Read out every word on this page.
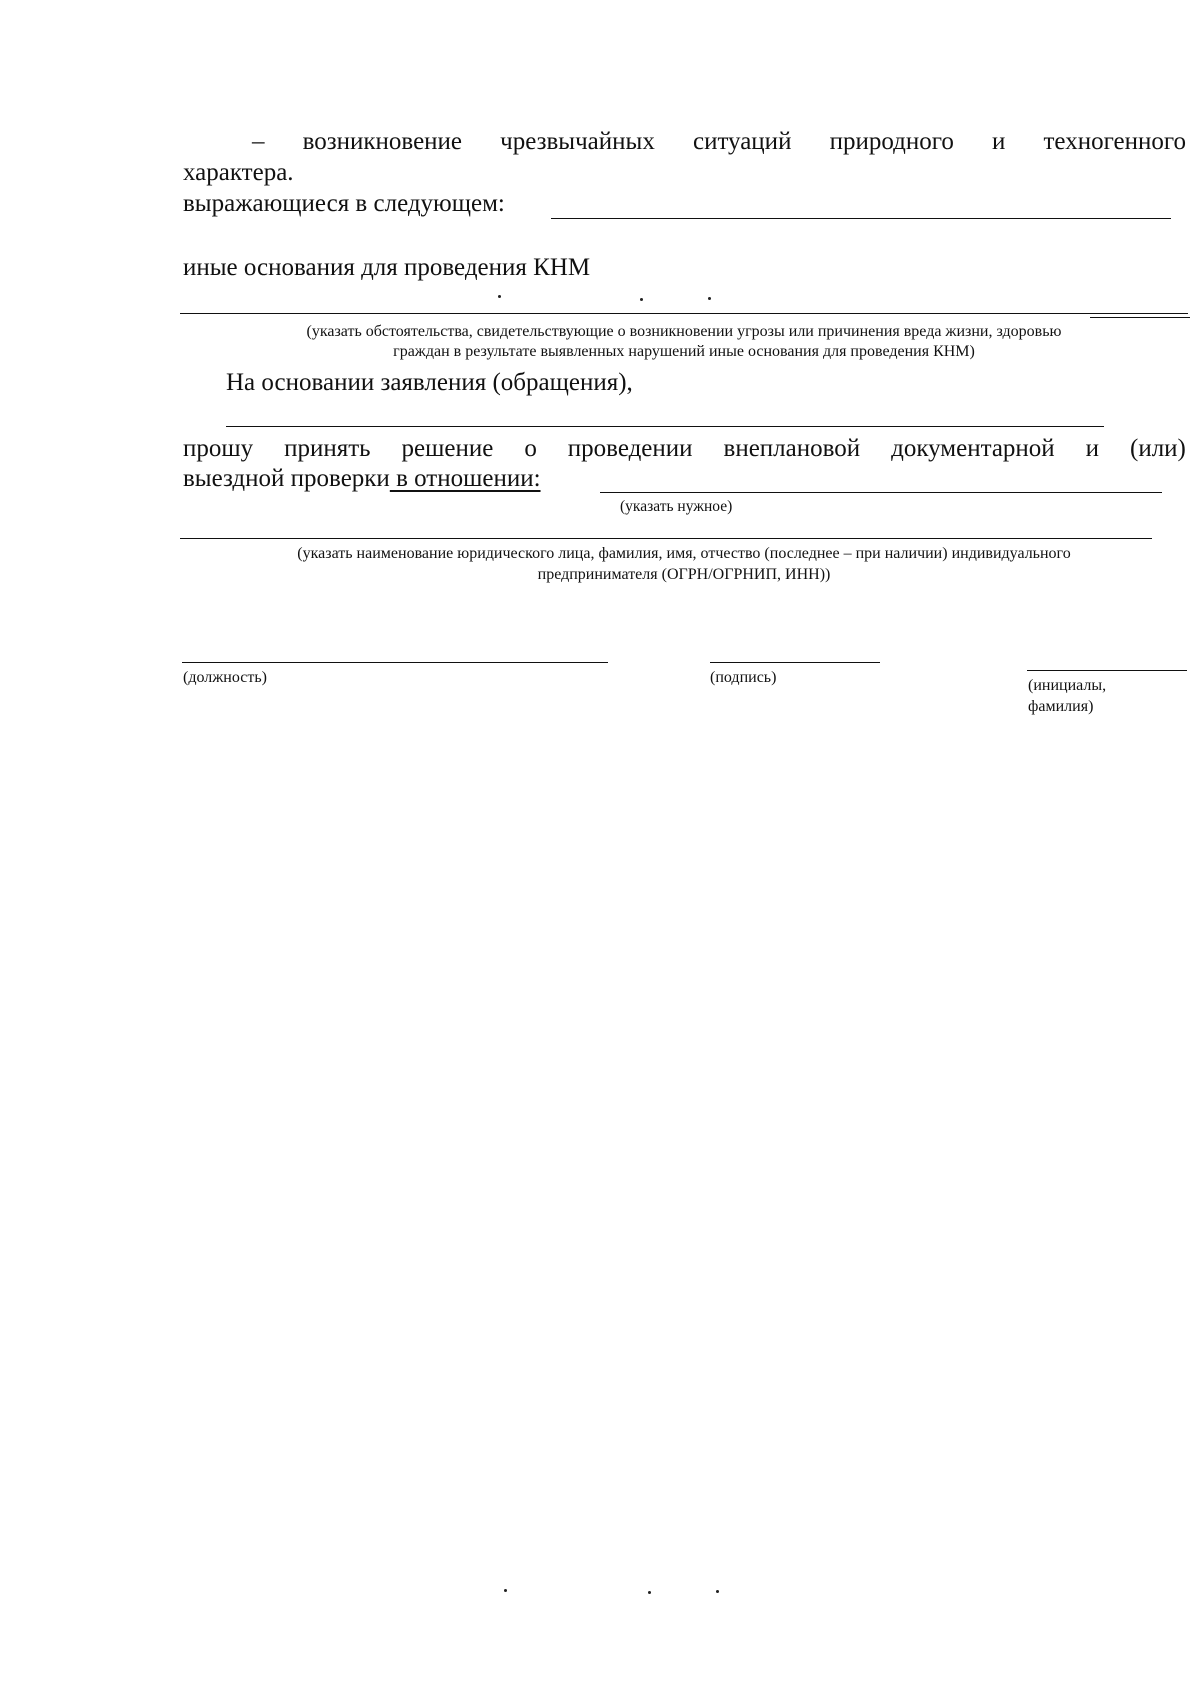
– возникновение чрезвычайных ситуаций природного и техногенного
характера.
выражающиеся в следующем:
иные основания для проведения КНМ
(указать обстоятельства, свидетельствующие о возникновении угрозы или причинения вреда жизни, здоровью
граждан в результате выявленных нарушений иные основания для проведения КНМ)
На основании заявления (обращения),
прошу принять решение о проведении внеплановой документарной и (или)
выездной проверки в отношении:
(указать нужное)
(указать наименование юридического лица, фамилия, имя, отчество (последнее – при наличии) индивидуального
предпринимателя (ОГРН/ОГРНИП, ИНН))
(должность)	(подпись)	(инициалы,
фамилия)
